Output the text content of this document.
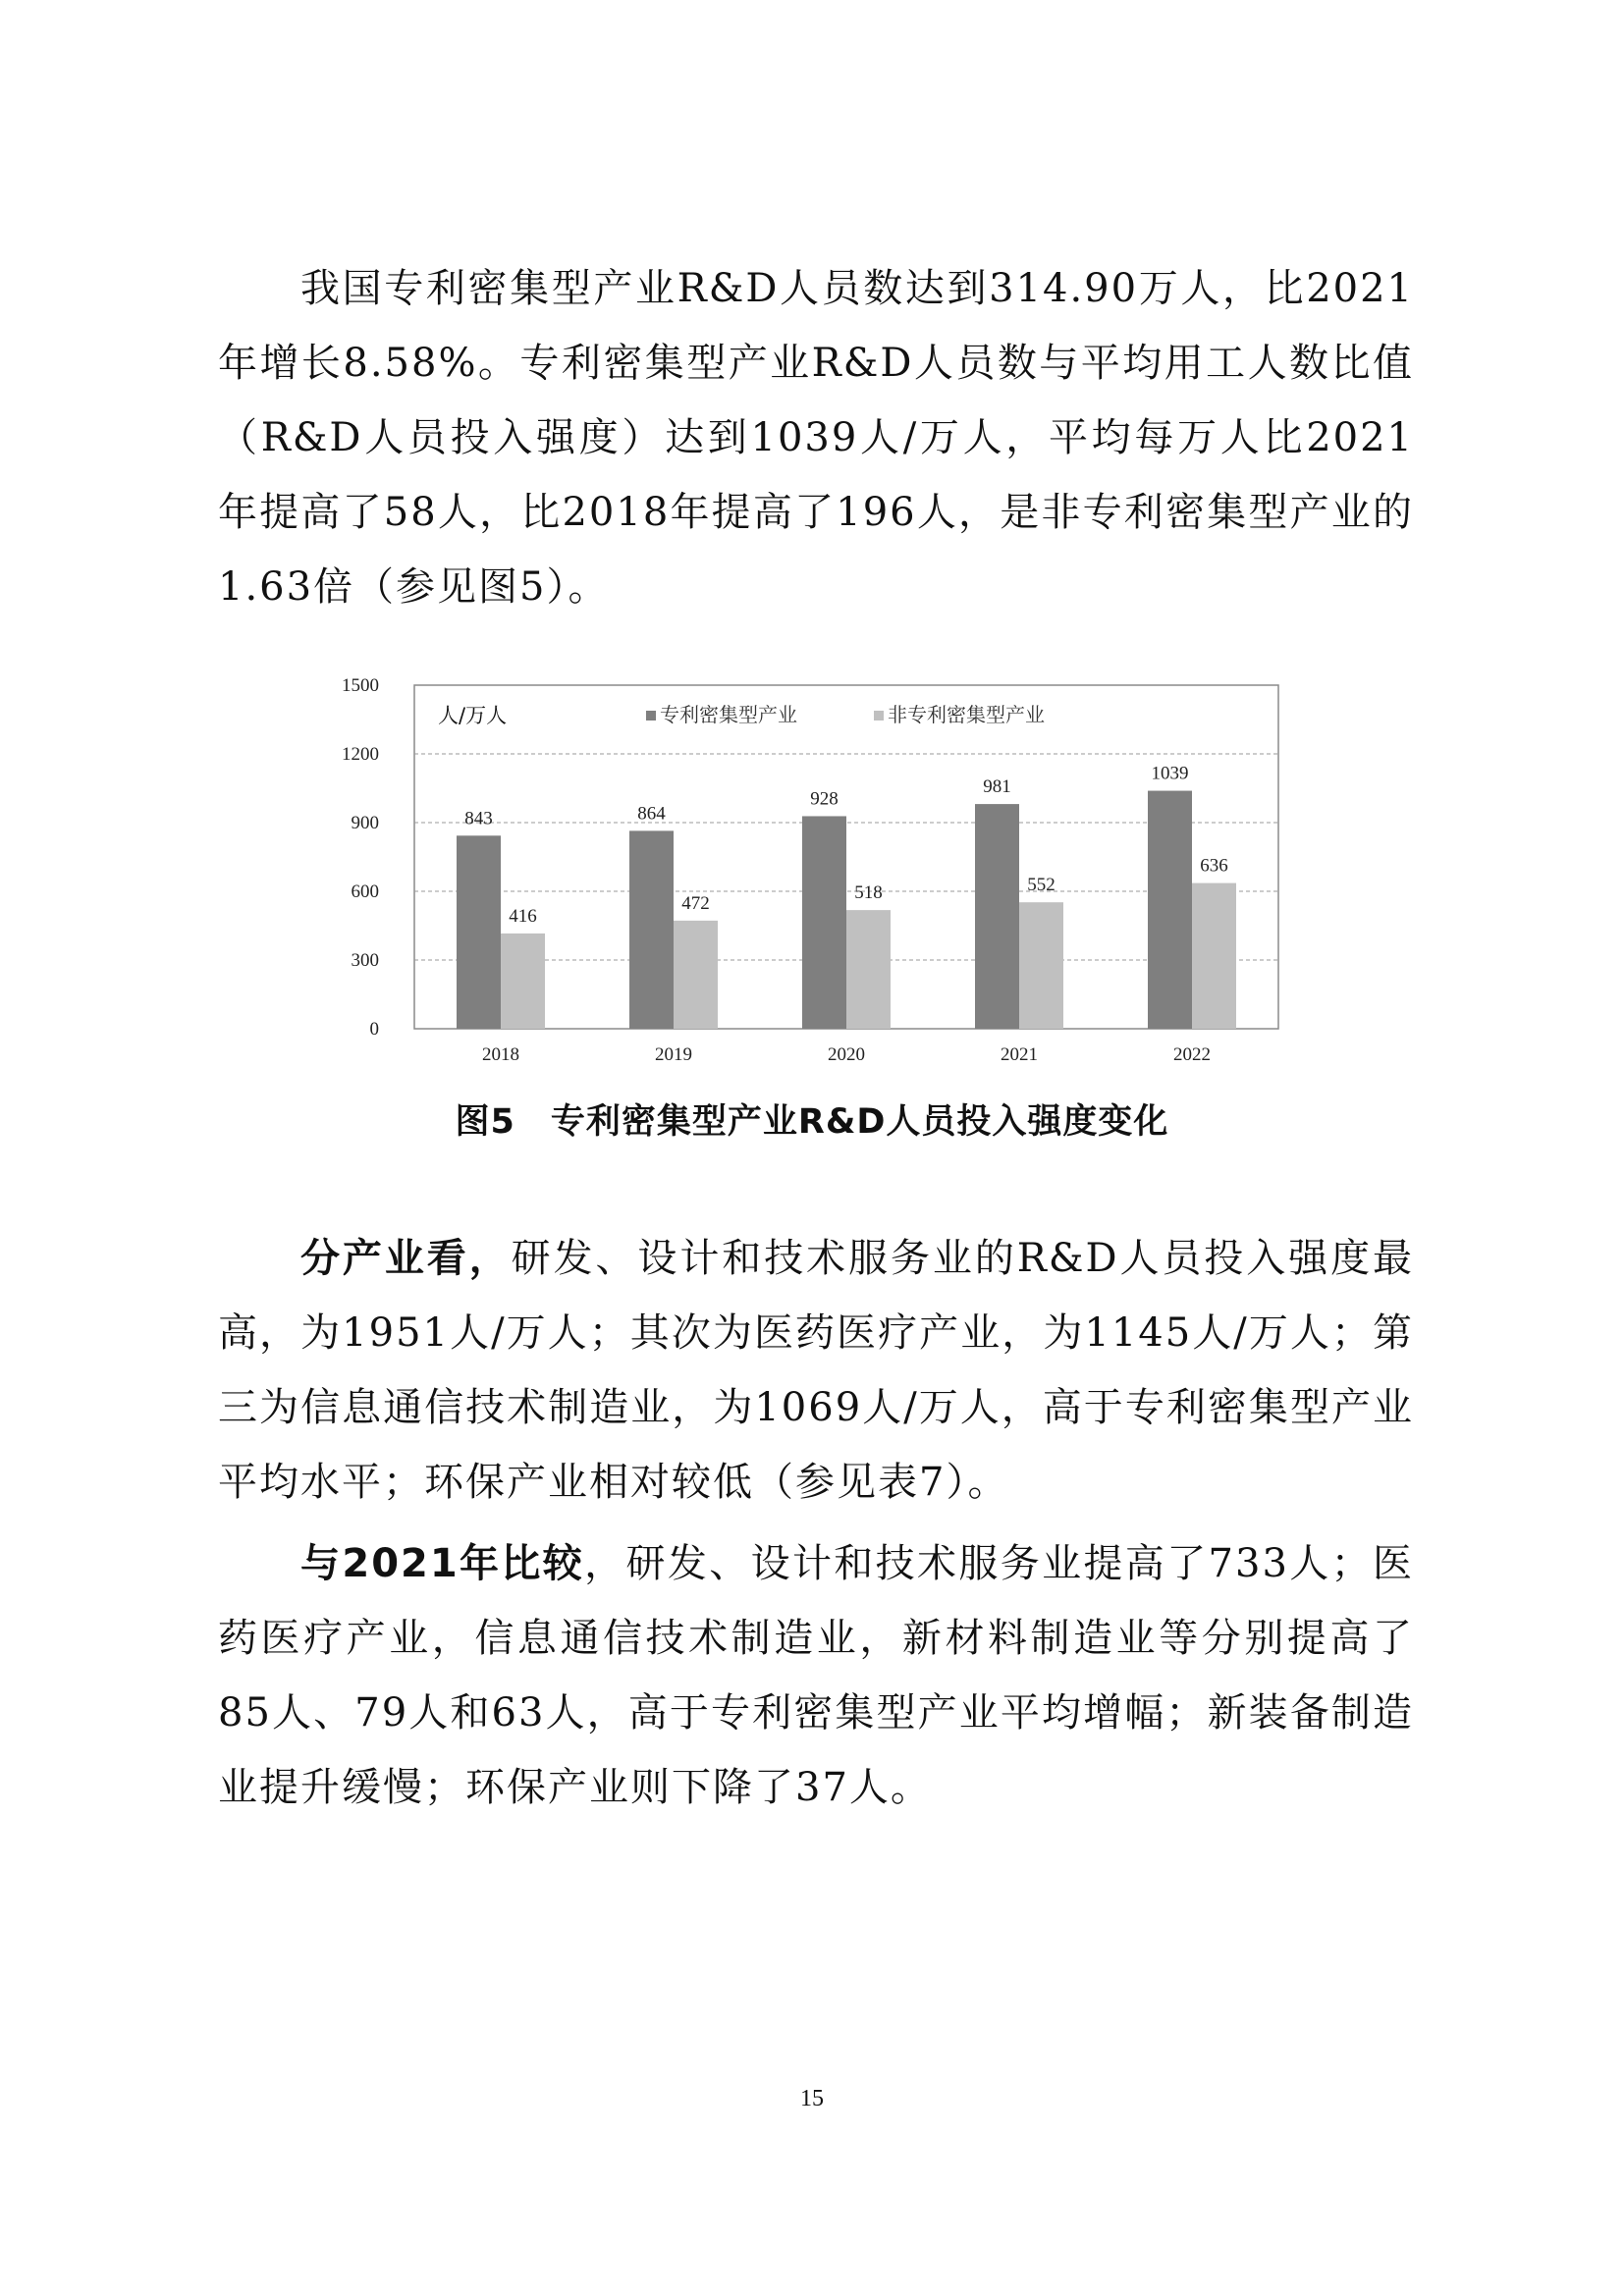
我国专利密集型产业R&D人员数达到314.90万人，比2021年增长8.58%。专利密集型产业R&D人员数与平均用工人数比值（R&D人员投入强度）达到1039人/万人，平均每万人比2021年提高了58人，比2018年提高了196人，是非专利密集型产业的1.63倍（参见图5）。

0
300
600
900
1200
1500
人/万人	专利密集型产业	非专利密集型产业
843
416
2018
864
472
2019
928
518
2020
981
552
2021
1039
636
2022
图5 专利密集型产业R&D人员投入强度变化

分产业看，研发、设计和技术服务业的R&D人员投入强度最高，为1951人/万人；其次为医药医疗产业，为1145人/万人；第三为信息通信技术制造业，为1069人/万人，高于专利密集型产业平均水平；环保产业相对较低（参见表7）。

与2021年比较，研发、设计和技术服务业提高了733人；医药医疗产业，信息通信技术制造业，新材料制造业等分别提高了85人、79人和63人，高于专利密集型产业平均增幅；新装备制造业提升缓慢；环保产业则下降了37人。

15
